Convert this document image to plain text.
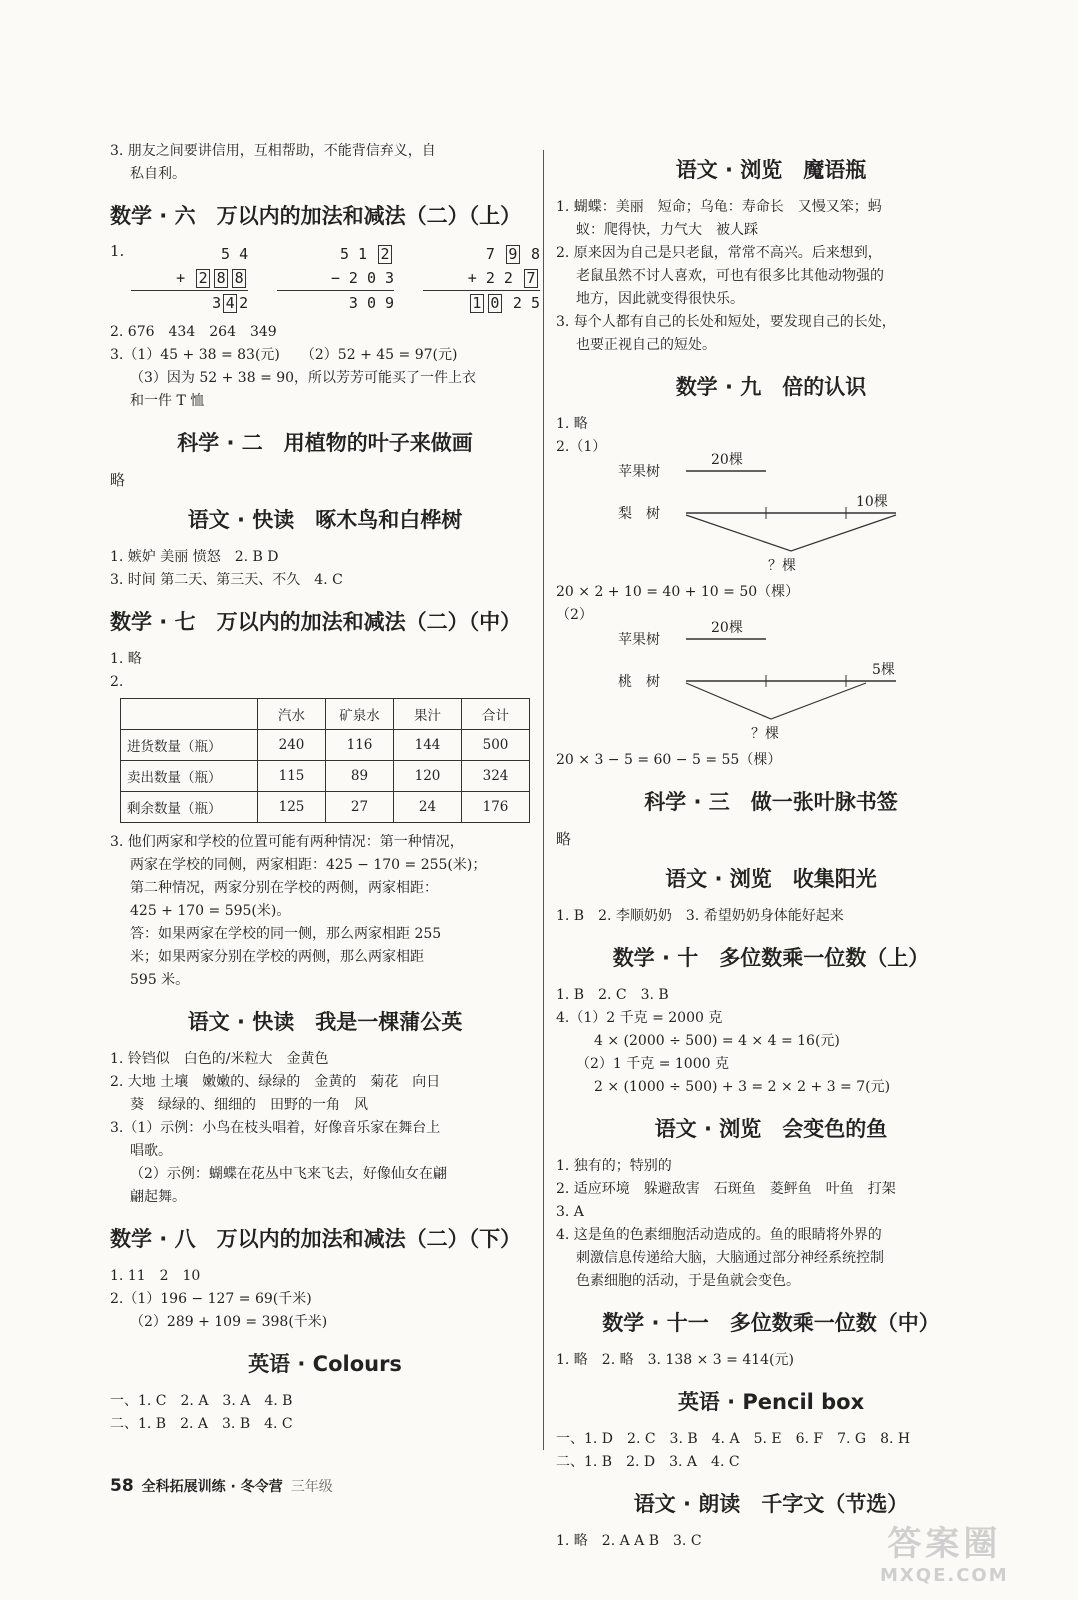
3. 朋友之间要讲信用，互相帮助，不能背信弃义，自

私自利。

数学 · 六　万以内的加法和减法（二）（上）
1.	5 4
+ 2 8 8
3 4 2
5 1 2
− 2 0 3
3 0 9
7 9 8
+ 2 2 7
1 0 2 5

2. 676　434　264　349

3.（1）45 + 38 = 83(元)　　（2）52 + 45 = 97(元)

（3）因为 52 + 38 = 90，所以芳芳可能买了一件上衣

和一件 T 恤

科学 · 二　用植物的叶子来做画

略

语文 · 快读　啄木鸟和白桦树

1. 嫉妒 美丽 愤怒　2. B D

3. 时间 第二天、第三天、不久　4. C

数学 · 七　万以内的加法和减法（二）（中）

1. 略

2.

	汽水	矿泉水	果汁	合计
进货数量（瓶）	240	116	144	500
卖出数量（瓶）	115	89	120	324
剩余数量（瓶）	125	27	24	176

3. 他们两家和学校的位置可能有两种情况：第一种情况，

两家在学校的同侧，两家相距：425 − 170 = 255(米)；

第二种情况，两家分别在学校的两侧，两家相距：

425 + 170 = 595(米)。

答：如果两家在学校的同一侧，那么两家相距 255

米；如果两家分别在学校的两侧，那么两家相距

595 米。

语文 · 快读　我是一棵蒲公英

1. 铃铛似　白色的/米粒大　金黄色

2. 大地 土壤　嫩嫩的、绿绿的　金黄的　菊花　向日

葵　绿绿的、细细的　田野的一角　风

3.（1）示例：小鸟在枝头唱着，好像音乐家在舞台上

唱歌。

（2）示例：蝴蝶在花丛中飞来飞去，好像仙女在翩

翩起舞。

数学 · 八　万以内的加法和减法（二）（下）

1. 11　2　10

2.（1）196 − 127 = 69(千米)

（2）289 + 109 = 398(千米)

英语 · Colours

一、1. C　2. A　3. A　4. B

二、1. B　2. A　3. B　4. C

语文 · 浏览　魔语瓶

1. 蝴蝶：美丽　短命；乌龟：寿命长　又慢又笨；蚂

蚁：爬得快，力气大　被人踩

2. 原来因为自己是只老鼠，常常不高兴。后来想到，

老鼠虽然不讨人喜欢，可也有很多比其他动物强的

地方，因此就变得很快乐。

3. 每个人都有自己的长处和短处，要发现自己的长处，

也要正视自己的短处。

数学 · 九　倍的认识

1. 略

2.（1）

苹果树
20棵
梨　树
10棵
？棵

20 × 2 + 10 = 40 + 10 = 50（棵）

（2）

苹果树
20棵
桃　树
5棵
？棵

20 × 3 − 5 = 60 − 5 = 55（棵）

科学 · 三　做一张叶脉书签

略

语文 · 浏览　收集阳光

1. B　2. 李顺奶奶　3. 希望奶奶身体能好起来

数学 · 十　多位数乘一位数（上）

1. B　2. C　3. B

4.（1）2 千克 = 2000 克

4 × (2000 ÷ 500) = 4 × 4 = 16(元)

（2）1 千克 = 1000 克

2 × (1000 ÷ 500) + 3 = 2 × 2 + 3 = 7(元)

语文 · 浏览　会变色的鱼

1. 独有的；特别的

2. 适应环境　躲避敌害　石斑鱼　菱鲆鱼　叶鱼　打架

3. A

4. 这是鱼的色素细胞活动造成的。鱼的眼睛将外界的

刺激信息传递给大脑，大脑通过部分神经系统控制

色素细胞的活动，于是鱼就会变色。

数学 · 十一　多位数乘一位数（中）

1. 略　2. 略　3. 138 × 3 = 414(元)

英语 · Pencil box

一、1. D　2. C　3. B　4. A　5. E　6. F　7. G　8. H

二、1. B　2. D　3. A　4. C

语文 · 朗读　千字文（节选）

1. 略　2. A A B　3. C

58 全科拓展训练 · 冬令营 三年级
答案圈
MXQE.COM
